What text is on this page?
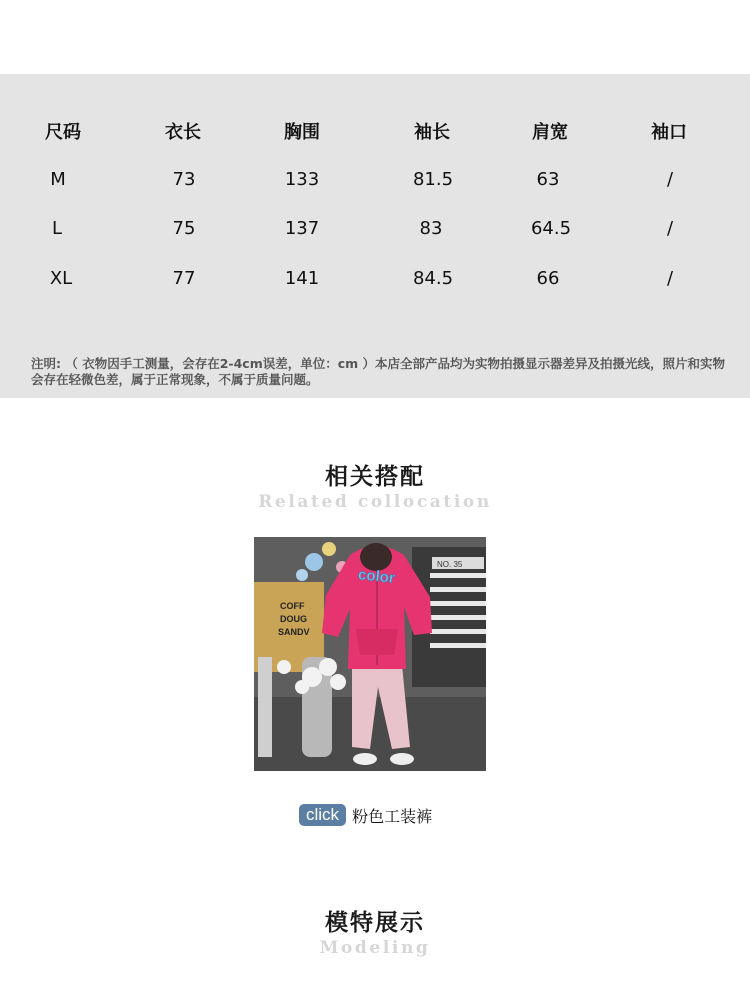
尺码	衣长	胸围	袖长	肩宽	袖口
M	73	133	81.5	63	/
L	75	137	83	64.5	/
XL	77	141	84.5	66	/
注明: （ 衣物因手工测量，会存在2-4cm误差，单位：cm ）本店全部产品均为实物拍摄显示器差异及拍摄光线，照片和实物会存在轻微色差，属于正常现象，不属于质量问题。
相关搭配
Related collocation
NO. 35
COFF
DOUG
SANDV
color
click 粉色工装裤
模特展示
Modeling
